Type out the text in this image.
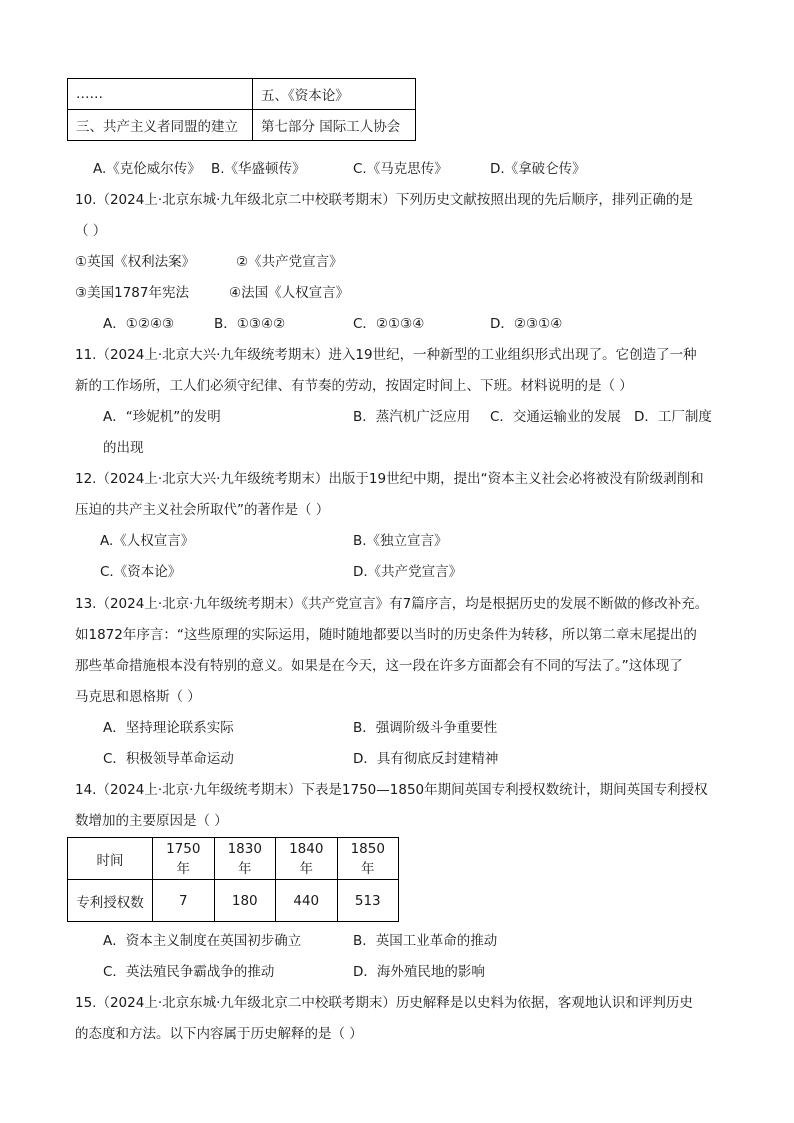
……	五、《资本论》
三、共产主义者同盟的建立	第七部分 国际工人协会
A.《克伦威尔传》 B.《华盛顿传》	C.《马克思传》	D.《拿破仑传》
10.（2024上·北京东城·九年级北京二中校联考期末）下列历史文献按照出现的先后顺序，排列正确的是
（ ）
①英国《权利法案》	②《共产党宣言》
③美国1787年宪法	④法国《人权宣言》
A．①②④③	B．①③④②	C．②①③④	D．②③①④
11.（2024上·北京大兴·九年级统考期末）进入19世纪，一种新型的工业组织形式出现了。它创造了一种
新的工作场所，工人们必须守纪律、有节奏的劳动，按固定时间上、下班。材料说明的是（ ）
A．“珍妮机”的发明	B．蒸汽机广泛应用 C．交通运输业的发展 D．工厂制度
的出现
12.（2024上·北京大兴·九年级统考期末）出版于19世纪中期，提出“资本主义社会必将被没有阶级剥削和
压迫的共产主义社会所取代”的著作是（ ）
A.《人权宣言》	B.《独立宣言》
C.《资本论》	D.《共产党宣言》
13.（2024上·北京·九年级统考期末）《共产党宣言》有7篇序言，均是根据历史的发展不断做的修改补充。
如1872年序言：“这些原理的实际运用，随时随地都要以当时的历史条件为转移，所以第二章末尾提出的
那些革命措施根本没有特别的意义。如果是在今天，这一段在许多方面都会有不同的写法了。”这体现了
马克思和恩格斯（ ）
A．坚持理论联系实际	B．强调阶级斗争重要性
C．积极领导革命运动	D．具有彻底反封建精神
14.（2024上·北京·九年级统考期末）下表是1750—1850年期间英国专利授权数统计，期间英国专利授权
数增加的主要原因是（ ）
时间	1750年	1830年	1840年	1850年
专利授权数	7	180	440	513
A．资本主义制度在英国初步确立	B．英国工业革命的推动
C．英法殖民争霸战争的推动	D．海外殖民地的影响
15.（2024上·北京东城·九年级北京二中校联考期末）历史解释是以史料为依据，客观地认识和评判历史
的态度和方法。以下内容属于历史解释的是（ ）
